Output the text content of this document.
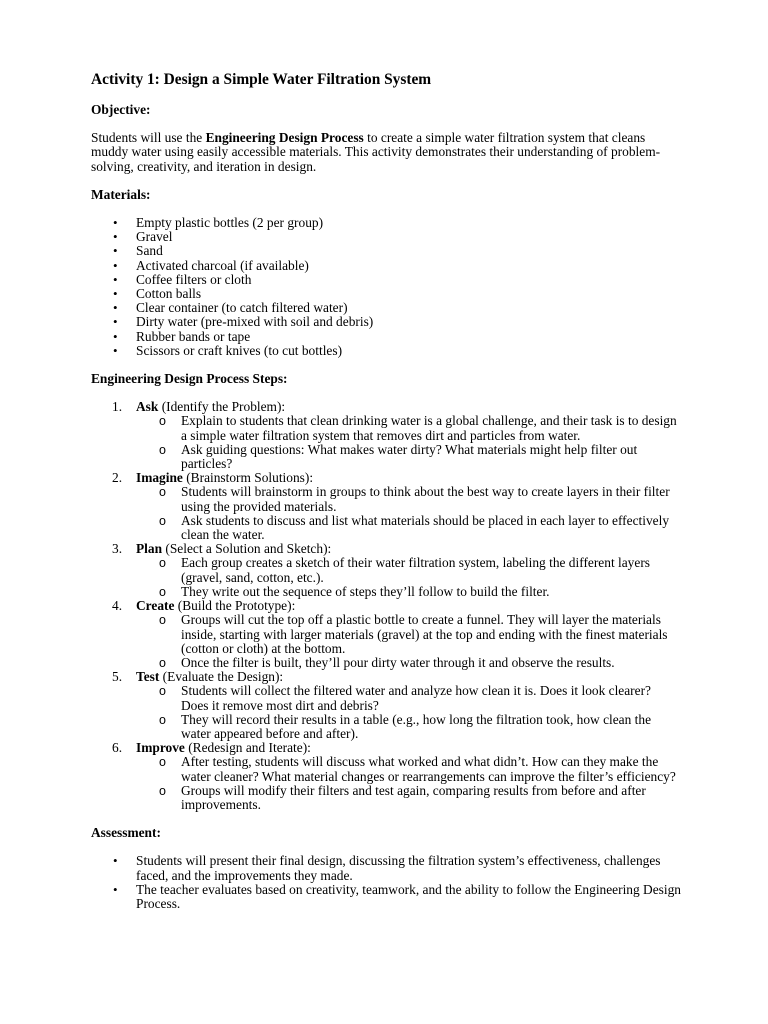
Activity 1: Design a Simple Water Filtration System
Objective:

Students will use the Engineering Design Process to create a simple water filtration system that cleans muddy water using easily accessible materials. This activity demonstrates their understanding of problem-solving, creativity, and iteration in design.

Materials:
• Empty plastic bottles (2 per group)
• Gravel
• Sand
• Activated charcoal (if available)
• Coffee filters or cloth
• Cotton balls
• Clear container (to catch filtered water)
• Dirty water (pre-mixed with soil and debris)
• Rubber bands or tape
• Scissors or craft knives (to cut bottles)
Engineering Design Process Steps:
1. Ask (Identify the Problem):
o Explain to students that clean drinking water is a global challenge, and their task is to design a simple water filtration system that removes dirt and particles from water.
o Ask guiding questions: What makes water dirty? What materials might help filter out particles?
2. Imagine (Brainstorm Solutions):
o Students will brainstorm in groups to think about the best way to create layers in their filter using the provided materials.
o Ask students to discuss and list what materials should be placed in each layer to effectively clean the water.
3. Plan (Select a Solution and Sketch):
o Each group creates a sketch of their water filtration system, labeling the different layers (gravel, sand, cotton, etc.).
o They write out the sequence of steps they’ll follow to build the filter.
4. Create (Build the Prototype):
o Groups will cut the top off a plastic bottle to create a funnel. They will layer the materials inside, starting with larger materials (gravel) at the top and ending with the finest materials (cotton or cloth) at the bottom.
o Once the filter is built, they’ll pour dirty water through it and observe the results.
5. Test (Evaluate the Design):
o Students will collect the filtered water and analyze how clean it is. Does it look clearer? Does it remove most dirt and debris?
o They will record their results in a table (e.g., how long the filtration took, how clean the water appeared before and after).
6. Improve (Redesign and Iterate):
o After testing, students will discuss what worked and what didn’t. How can they make the water cleaner? What material changes or rearrangements can improve the filter’s efficiency?
o Groups will modify their filters and test again, comparing results from before and after improvements.
Assessment:
• Students will present their final design, discussing the filtration system’s effectiveness, challenges faced, and the improvements they made.
• The teacher evaluates based on creativity, teamwork, and the ability to follow the Engineering Design Process.
